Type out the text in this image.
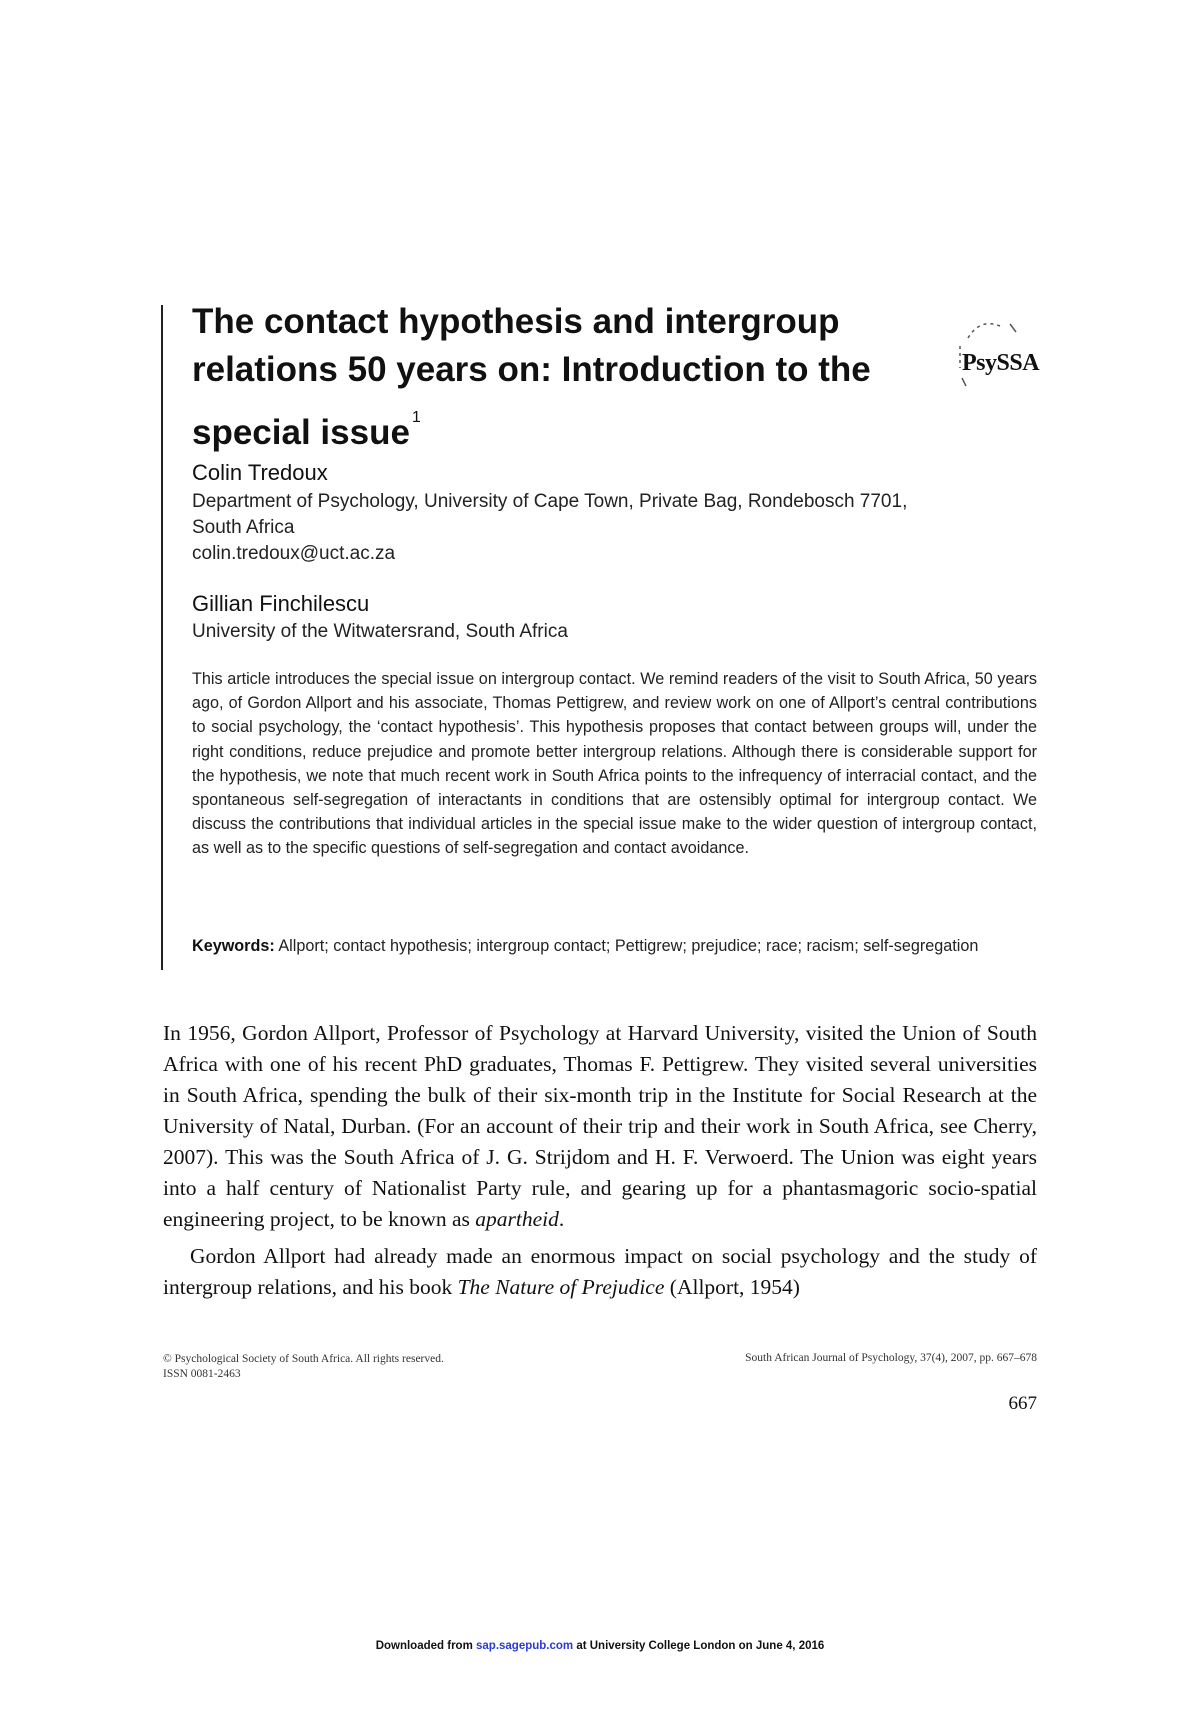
The contact hypothesis and intergroup relations 50 years on: Introduction to the special issue $^1$
PsySSA
Colin Tredoux
Department of Psychology, University of Cape Town, Private Bag, Rondebosch 7701,
South Africa
colin.tredoux@uct.ac.za
Gillian Finchilescu
University of the Witwatersrand, South Africa
This article introduces the special issue on intergroup contact. We remind readers of the visit to South Africa, 50 years ago, of Gordon Allport and his associate, Thomas Pettigrew, and review work on one of Allport’s central contributions to social psychology, the ‘contact hypothesis’. This hypothesis proposes that contact between groups will, under the right conditions, reduce prejudice and promote better intergroup relations. Although there is considerable support for the hypothesis, we note that much recent work in South Africa points to the infrequency of interracial contact, and the spontaneous self-segregation of interactants in conditions that are ostensibly optimal for intergroup contact. We discuss the contributions that individual articles in the special issue make to the wider question of intergroup contact, as well as to the specific questions of self-segregation and contact avoidance.
Keywords: Allport; contact hypothesis; intergroup contact; Pettigrew; prejudice; race; racism; self-segregation

In 1956, Gordon Allport, Professor of Psychology at Harvard University, visited the Union of South Africa with one of his recent PhD graduates, Thomas F. Pettigrew. They visited several universities in South Africa, spending the bulk of their six-month trip in the Institute for Social Research at the University of Natal, Durban. (For an account of their trip and their work in South Africa, see Cherry, 2007). This was the South Africa of J. G. Strijdom and H. F. Verwoerd. The Union was eight years into a half century of Nationalist Party rule, and gearing up for a phantasmagoric socio-spatial engineering project, to be known as apartheid.

Gordon Allport had already made an enormous impact on social psychology and the study of intergroup relations, and his book The Nature of Prejudice (Allport, 1954)

© Psychological Society of South Africa. All rights reserved.
ISSN 0081-2463
South African Journal of Psychology, 37(4), 2007, pp. 667–678
667
Downloaded from sap.sagepub.com at University College London on June 4, 2016
